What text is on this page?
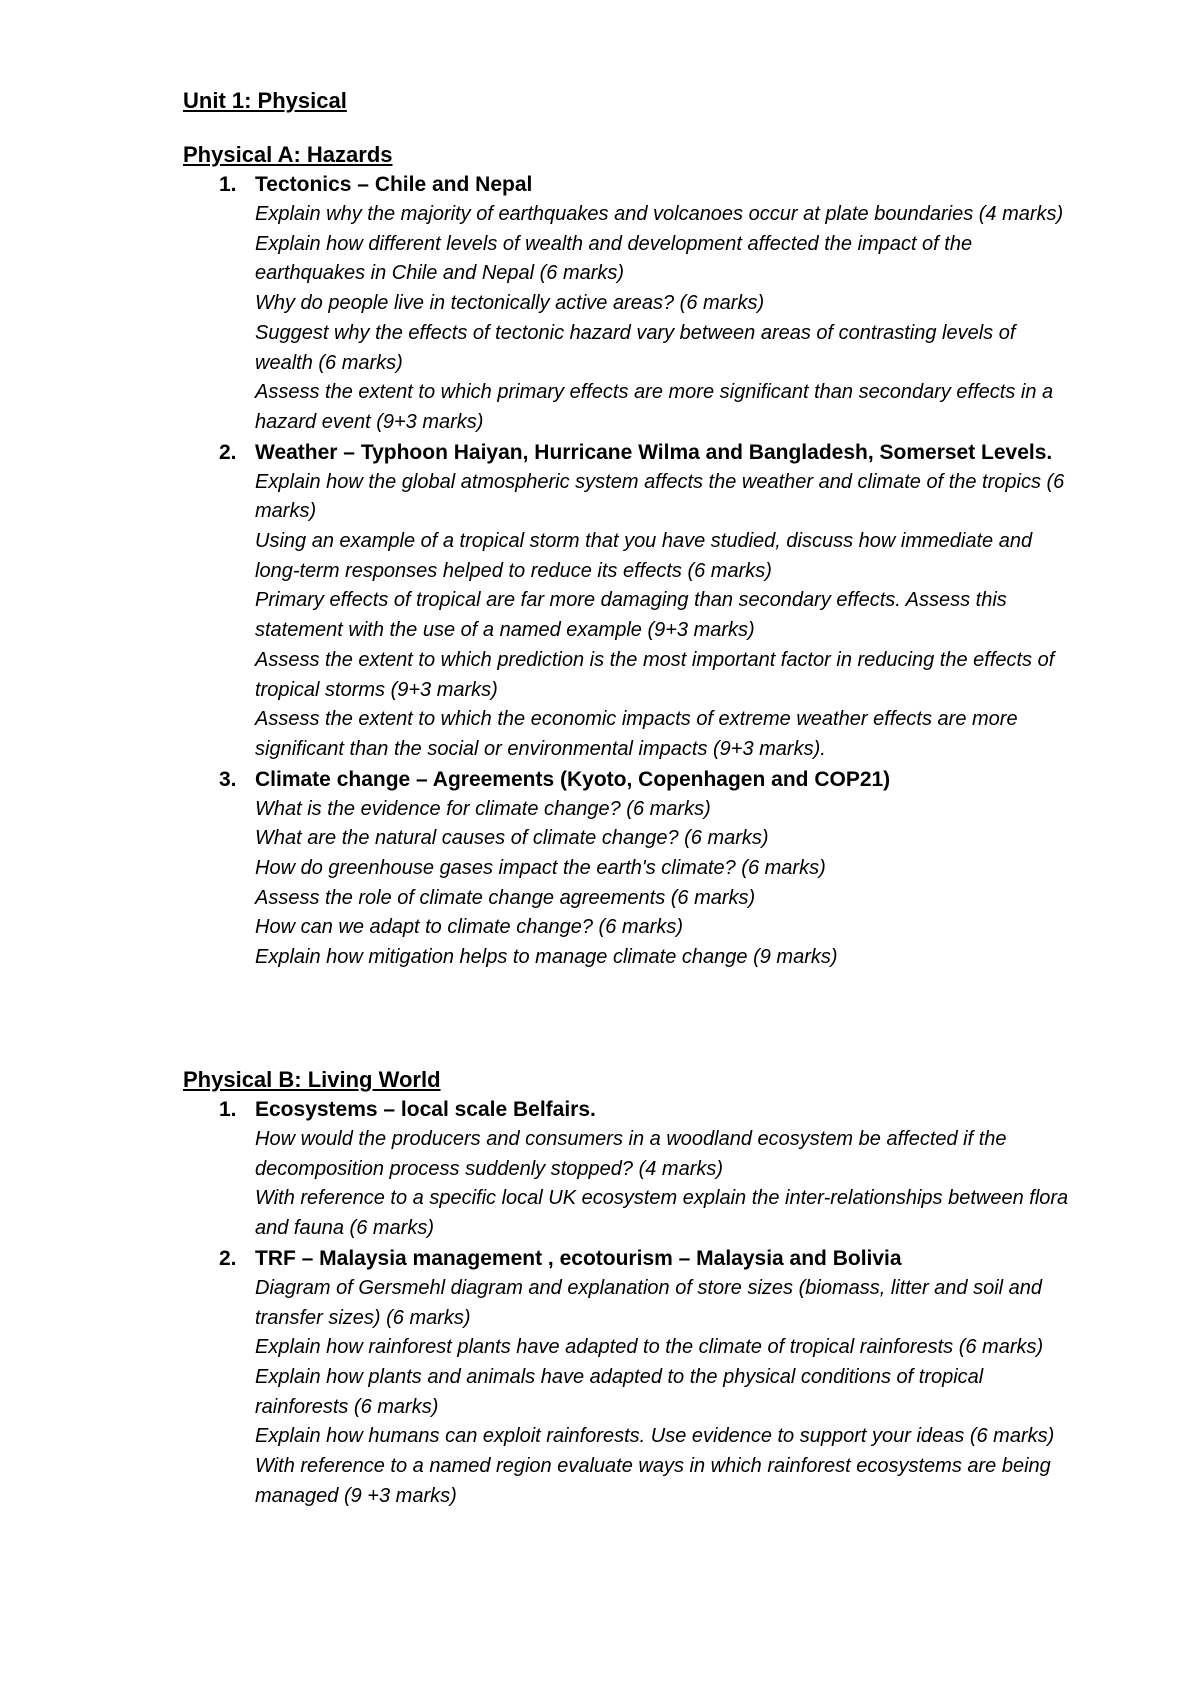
Unit 1: Physical
Physical A: Hazards
1. Tectonics – Chile and Nepal
Explain why the majority of earthquakes and volcanoes occur at plate boundaries (4 marks)
Explain how different levels of wealth and development affected the impact of the earthquakes in Chile and Nepal (6 marks)
Why do people live in tectonically active areas? (6 marks)
Suggest why the effects of tectonic hazard vary between areas of contrasting levels of wealth (6 marks)
Assess the extent to which primary effects are more significant than secondary effects in a hazard event (9+3 marks)
2. Weather – Typhoon Haiyan, Hurricane Wilma and Bangladesh, Somerset Levels.
Explain how the global atmospheric system affects the weather and climate of the tropics (6 marks)
Using an example of a tropical storm that you have studied, discuss how immediate and long-term responses helped to reduce its effects (6 marks)
Primary effects of tropical are far more damaging than secondary effects. Assess this statement with the use of a named example (9+3 marks)
Assess the extent to which prediction is the most important factor in reducing the effects of tropical storms (9+3 marks)
Assess the extent to which the economic impacts of extreme weather effects are more significant than the social or environmental impacts (9+3 marks).
3. Climate change – Agreements (Kyoto, Copenhagen and COP21)
What is the evidence for climate change? (6 marks)
What are the natural causes of climate change? (6 marks)
How do greenhouse gases impact the earth's climate? (6 marks)
Assess the role of climate change agreements (6 marks)
How can we adapt to climate change? (6 marks)
Explain how mitigation helps to manage climate change (9 marks)
Physical B: Living World
1. Ecosystems – local scale Belfairs.
How would the producers and consumers in a woodland ecosystem be affected if the decomposition process suddenly stopped? (4 marks)
With reference to a specific local UK ecosystem explain the inter-relationships between flora and fauna (6 marks)
2. TRF – Malaysia management , ecotourism – Malaysia and Bolivia
Diagram of Gersmehl diagram and explanation of store sizes (biomass, litter and soil and transfer sizes) (6 marks)
Explain how rainforest plants have adapted to the climate of tropical rainforests (6 marks)
Explain how plants and animals have adapted to the physical conditions of tropical rainforests (6 marks)
Explain how humans can exploit rainforests. Use evidence to support your ideas (6 marks)
With reference to a named region evaluate ways in which rainforest ecosystems are being managed (9 +3 marks)
